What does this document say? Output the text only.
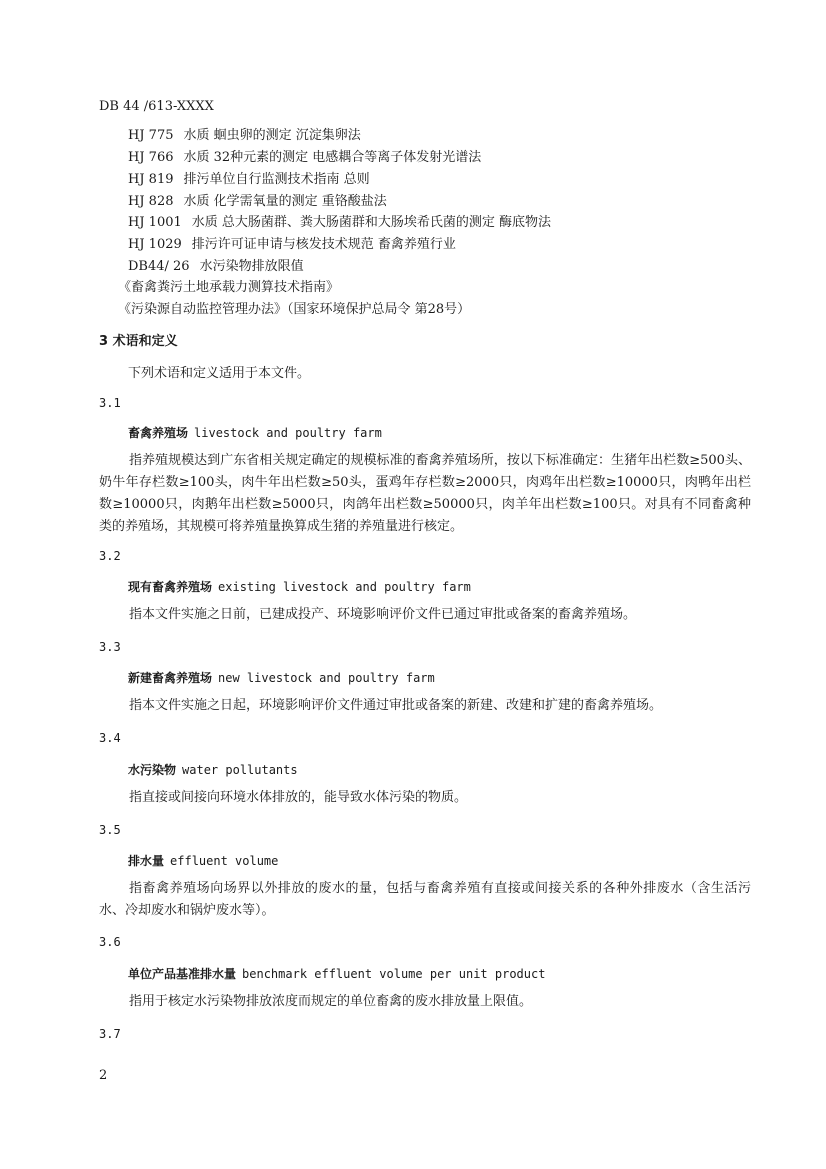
DB 44 /613-XXXX
HJ 775 水质 蛔虫卵的测定 沉淀集卵法
HJ 766 水质 32种元素的测定 电感耦合等离子体发射光谱法
HJ 819 排污单位自行监测技术指南 总则
HJ 828 水质 化学需氧量的测定 重铬酸盐法
HJ 1001 水质 总大肠菌群、粪大肠菌群和大肠埃希氏菌的测定 酶底物法
HJ 1029 排污许可证申请与核发技术规范 畜禽养殖行业
DB44/ 26 水污染物排放限值
《畜禽粪污土地承载力测算技术指南》
《污染源自动监控管理办法》（国家环境保护总局令 第28号）
3 术语和定义
下列术语和定义适用于本文件。
3.1
畜禽养殖场 livestock and poultry farm
指养殖规模达到广东省相关规定确定的规模标准的畜禽养殖场所，按以下标准确定：生猪年出栏数≥500头、奶牛年存栏数≥100头，肉牛年出栏数≥50头，蛋鸡年存栏数≥2000只，肉鸡年出栏数≥10000只，肉鸭年出栏数≥10000只，肉鹅年出栏数≥5000只，肉鸽年出栏数≥50000只，肉羊年出栏数≥100只。对具有不同畜禽种类的养殖场，其规模可将养殖量换算成生猪的养殖量进行核定。
3.2
现有畜禽养殖场 existing livestock and poultry farm
指本文件实施之日前，已建成投产、环境影响评价文件已通过审批或备案的畜禽养殖场。
3.3
新建畜禽养殖场 new livestock and poultry farm
指本文件实施之日起，环境影响评价文件通过审批或备案的新建、改建和扩建的畜禽养殖场。
3.4
水污染物 water pollutants
指直接或间接向环境水体排放的，能导致水体污染的物质。
3.5
排水量 effluent volume
指畜禽养殖场向场界以外排放的废水的量，包括与畜禽养殖有直接或间接关系的各种外排废水（含生活污水、冷却废水和锅炉废水等）。
3.6
单位产品基准排水量 benchmark effluent volume per unit product
指用于核定水污染物排放浓度而规定的单位畜禽的废水排放量上限值。
3.7
2
